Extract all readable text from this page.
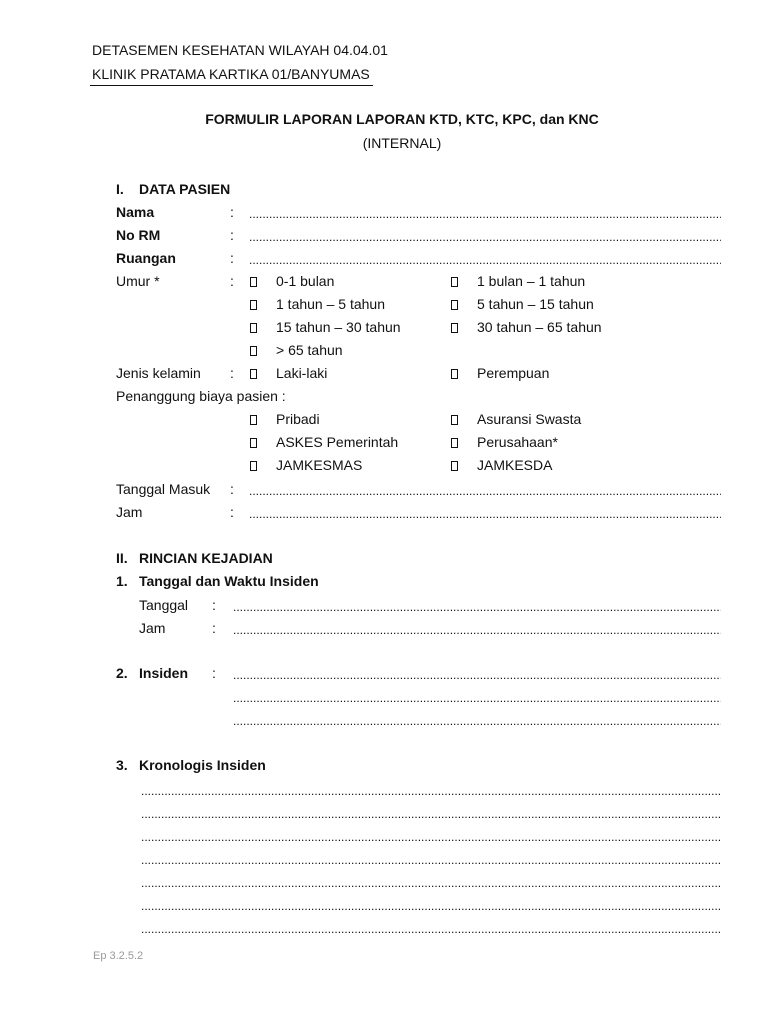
DETASEMEN KESEHATAN WILAYAH 04.04.01
KLINIK PRATAMA KARTIKA 01/BANYUMAS
FORMULIR LAPORAN LAPORAN KTD, KTC, KPC, dan KNC
(INTERNAL)
I. DATA PASIEN
Nama	:
.....
No RM	:
.....
Ruangan	:
.....
Umur *	:	0-1 bulan	1 bulan – 1 tahun
1 tahun – 5 tahun	5 tahun – 15 tahun
15 tahun – 30 tahun	30 tahun – 65 tahun
> 65 tahun
Jenis kelamin :	Laki-laki	Perempuan
Penanggung biaya pasien :
Pribadi	Asuransi Swasta
ASKES Pemerintah	Perusahaan*
JAMKESMAS	JAMKESDA
Tanggal Masuk :
.....
Jam	:
.....
II. RINCIAN KEJADIAN
1. Tanggal dan Waktu Insiden
Tanggal :
.....
Jam	:
.....
2. Insiden :
.....
.....
.....
3. Kronologis Insiden
.....
.....
.....
.....
.....
.....
.....
Ep 3.2.5.2
